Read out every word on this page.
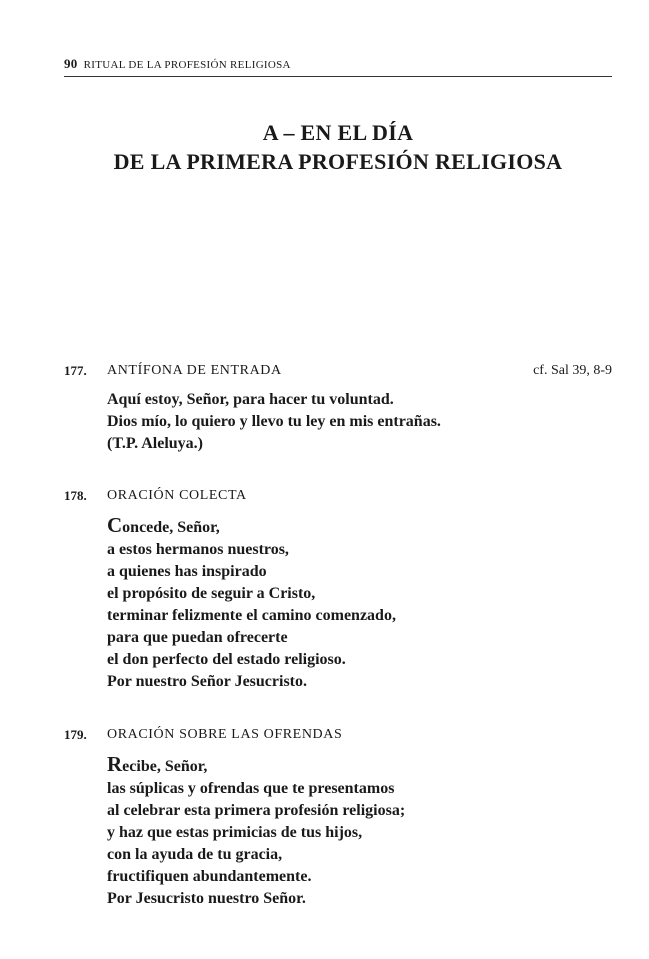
90 RITUAL DE LA PROFESIÓN RELIGIOSA
A – EN EL DÍA
DE LA PRIMERA PROFESIÓN RELIGIOSA
177. ANTÍFONA DE ENTRADA	cf. Sal 39, 8-9
Aquí estoy, Señor, para hacer tu voluntad.
Dios mío, lo quiero y llevo tu ley en mis entrañas.
(T.P. Aleluya.)
178. ORACIÓN COLECTA
Concede, Señor,
a estos hermanos nuestros,
a quienes has inspirado
el propósito de seguir a Cristo,
terminar felizmente el camino comenzado,
para que puedan ofrecerte
el don perfecto del estado religioso.
Por nuestro Señor Jesucristo.
179. ORACIÓN SOBRE LAS OFRENDAS
Recibe, Señor,
las súplicas y ofrendas que te presentamos
al celebrar esta primera profesión religiosa;
y haz que estas primicias de tus hijos,
con la ayuda de tu gracia,
fructifiquen abundantemente.
Por Jesucristo nuestro Señor.
